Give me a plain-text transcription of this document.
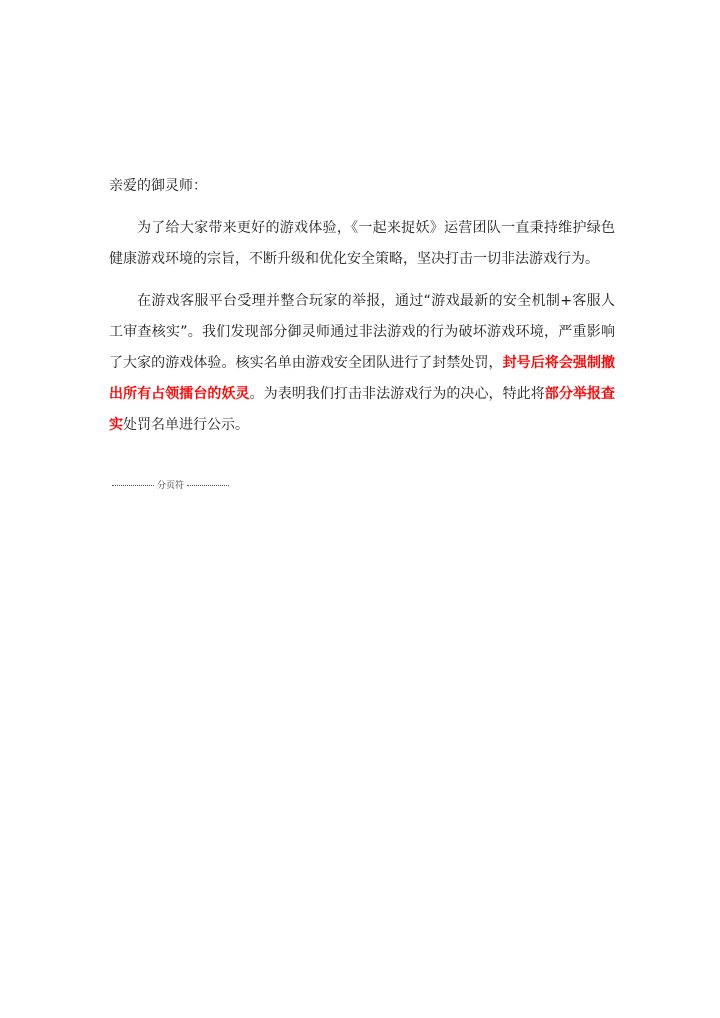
亲爱的御灵师：

为了给大家带来更好的游戏体验，《一起来捉妖》运营团队一直秉持维护绿色健康游戏环境的宗旨，不断升级和优化安全策略，坚决打击一切非法游戏行为。

在游戏客服平台受理并整合玩家的举报，通过“游戏最新的安全机制+客服人工审查核实”。我们发现部分御灵师通过非法游戏的行为破坏游戏环境，严重影响了大家的游戏体验。核实名单由游戏安全团队进行了封禁处罚，封号后将会强制撤出所有占领擂台的妖灵。为表明我们打击非法游戏行为的决心，特此将部分举报查实处罚名单进行公示。

分页符
